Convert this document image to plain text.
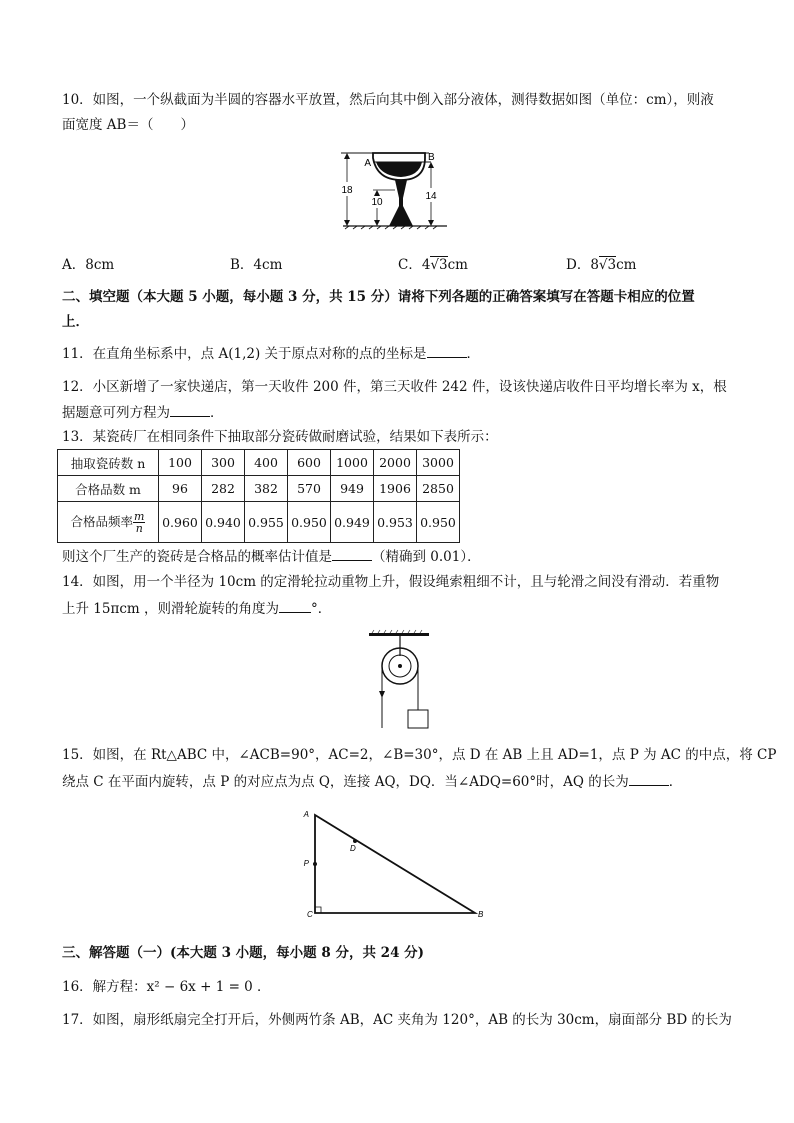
10．如图，一个纵截面为半圆的容器水平放置，然后向其中倒入部分液体，测得数据如图（单位：cm），则液
面宽度 AB＝（　　）
A
B
18
10
14
A．8cm	B．4cm	C．4√3cm	D．8√3cm
二、填空题（本大题 5 小题，每小题 3 分，共 15 分）请将下列各题的正确答案填写在答题卡相应的位置
上．
11．在直角坐标系中，点 A(1,2) 关于原点对称的点的坐标是	．
12．小区新增了一家快递店，第一天收件 200 件，第三天收件 242 件，设该快递店收件日平均增长率为 x，根
据题意可列方程为	．
13．某瓷砖厂在相同条件下抽取部分瓷砖做耐磨试验，结果如下表所示：
抽取瓷砖数 n	100	300	400	600	1000	2000	3000
合格品数 m	96	282	382	570	949	1906	2850
合格品频率 $\frac{m}{n}$	0.960	0.940	0.955	0.950	0.949	0.953	0.950
则这个厂生产的瓷砖是合格品的概率估计值是	（精确到 0.01）．
14．如图，用一个半径为 10cm 的定滑轮拉动重物上升，假设绳索粗细不计，且与轮滑之间没有滑动．若重物
上升 15πcm ，则滑轮旋转的角度为 °．
15．如图，在 Rt△ABC 中，∠ACB=90°，AC=2，∠B=30°，点 D 在 AB 上且 AD=1，点 P 为 AC 的中点，将 CP
绕点 C 在平面内旋转，点 P 的对应点为点 Q，连接 AQ，DQ．当∠ADQ=60°时，AQ 的长为	．
A
P
D
C	B
三、解答题（一）(本大题 3 小题，每小题 8 分，共 24 分)
16．解方程：x² − 6x + 1 = 0 ．
17．如图，扇形纸扇完全打开后，外侧两竹条 AB，AC 夹角为 120°，AB 的长为 30cm，扇面部分 BD 的长为
